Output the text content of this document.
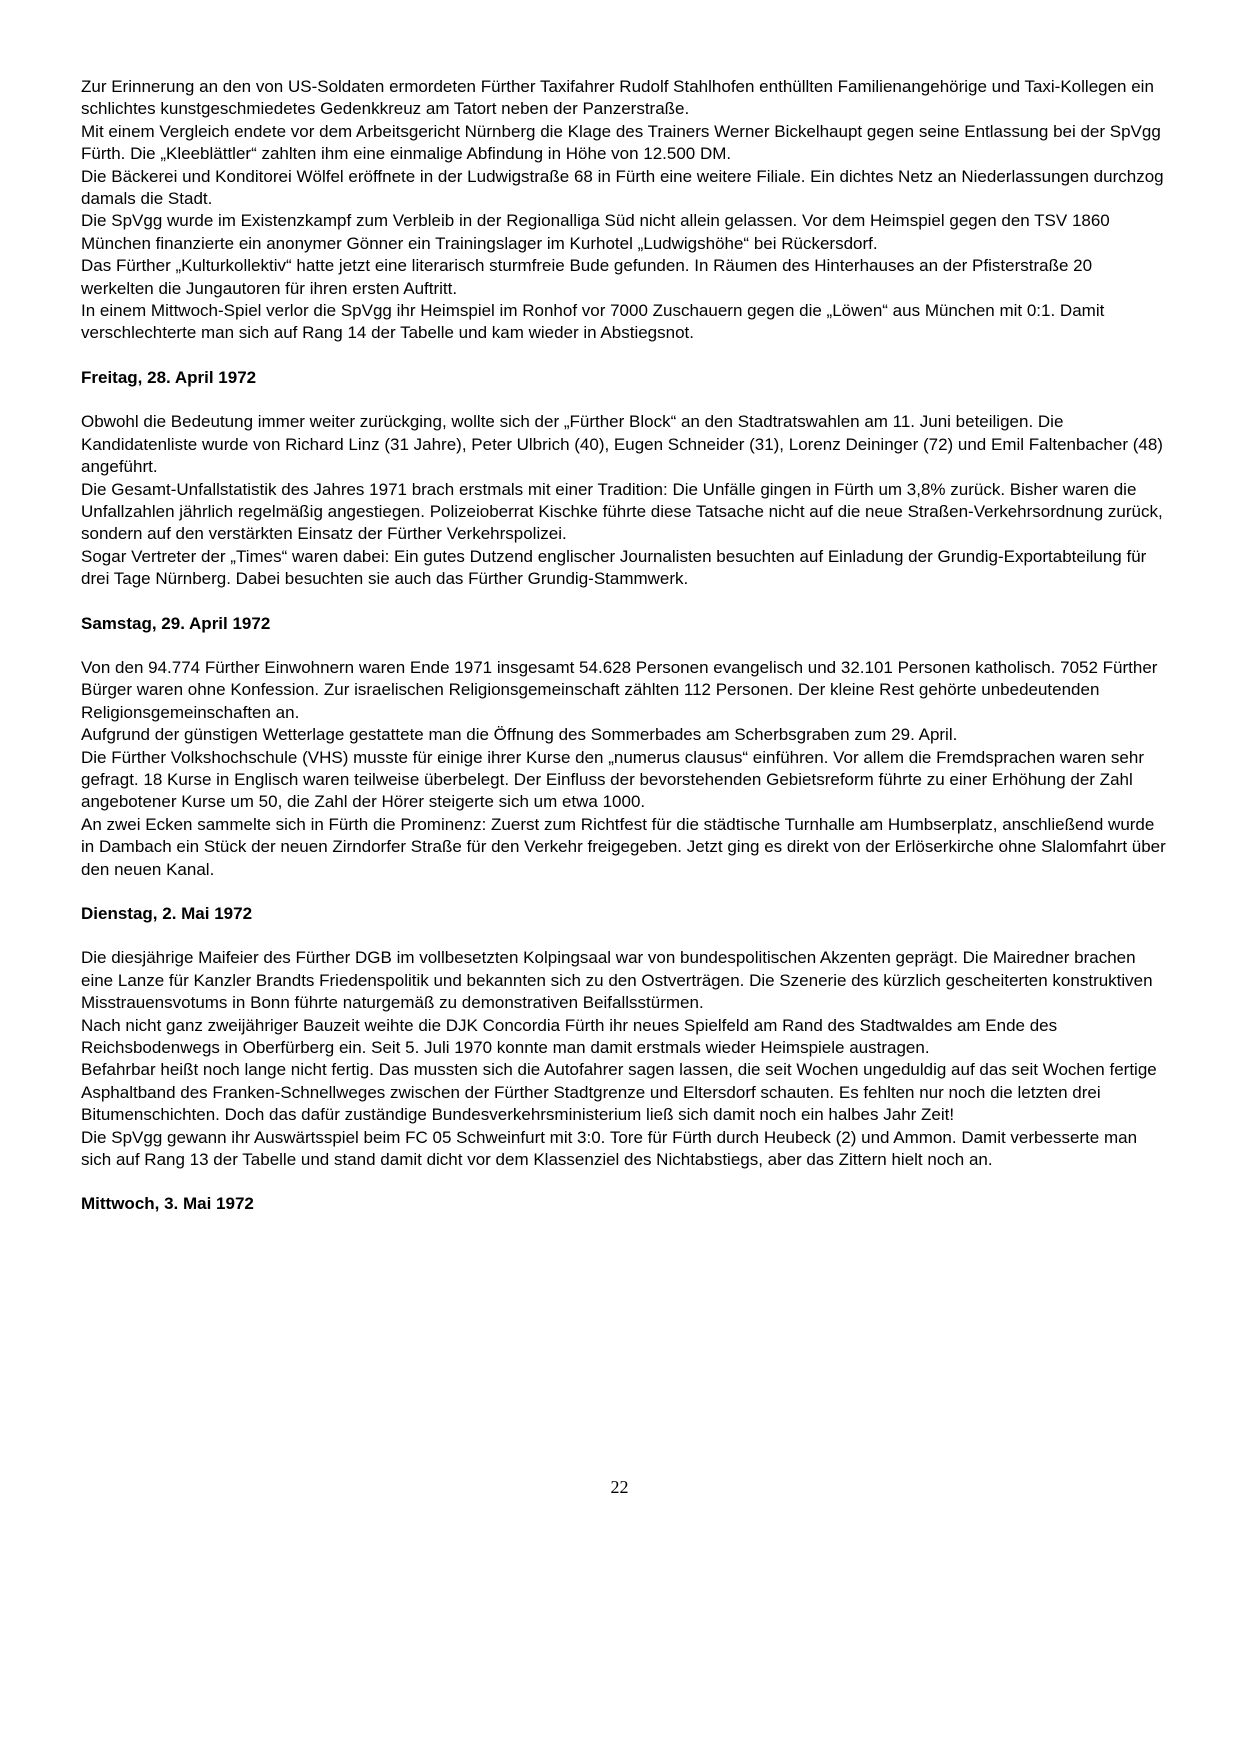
Zur Erinnerung an den von US-Soldaten ermordeten Fürther Taxifahrer Rudolf Stahlhofen enthüllten Familienangehörige und Taxi-Kollegen ein schlichtes kunstgeschmiedetes Gedenkkreuz am Tatort neben der Panzerstraße.

Mit einem Vergleich endete vor dem Arbeitsgericht Nürnberg die Klage des Trainers Werner Bickelhaupt gegen seine Entlassung bei der SpVgg Fürth. Die „Kleeblättler“ zahlten ihm eine einmalige Abfindung in Höhe von 12.500 DM.

Die Bäckerei und Konditorei Wölfel eröffnete in der Ludwigstraße 68 in Fürth eine weitere Filiale. Ein dichtes Netz an Niederlassungen durchzog damals die Stadt.

Die SpVgg wurde im Existenzkampf zum Verbleib in der Regionalliga Süd nicht allein gelassen. Vor dem Heimspiel gegen den TSV 1860 München finanzierte ein anonymer Gönner ein Trainingslager im Kurhotel „Ludwigshöhe“ bei Rückersdorf.

Das Fürther „Kulturkollektiv“ hatte jetzt eine literarisch sturmfreie Bude gefunden. In Räumen des Hinterhauses an der Pfisterstraße 20 werkelten die Jungautoren für ihren ersten Auftritt.

In einem Mittwoch-Spiel verlor die SpVgg ihr Heimspiel im Ronhof vor 7000 Zuschauern gegen die „Löwen“ aus München mit 0:1. Damit verschlechterte man sich auf Rang 14 der Tabelle und kam wieder in Abstiegsnot.

Freitag, 28. April 1972

Obwohl die Bedeutung immer weiter zurückging, wollte sich der „Fürther Block“ an den Stadtratswahlen am 11. Juni beteiligen. Die Kandidatenliste wurde von Richard Linz (31 Jahre), Peter Ulbrich (40), Eugen Schneider (31), Lorenz Deininger (72) und Emil Faltenbacher (48) angeführt.

Die Gesamt-Unfallstatistik des Jahres 1971 brach erstmals mit einer Tradition: Die Unfälle gingen in Fürth um 3,8% zurück. Bisher waren die Unfallzahlen jährlich regelmäßig angestiegen. Polizeioberrat Kischke führte diese Tatsache nicht auf die neue Straßen-Verkehrsordnung zurück, sondern auf den verstärkten Einsatz der Fürther Verkehrspolizei.

Sogar Vertreter der „Times“ waren dabei: Ein gutes Dutzend englischer Journalisten besuchten auf Einladung der Grundig-Exportabteilung für drei Tage Nürnberg. Dabei besuchten sie auch das Fürther Grundig-Stammwerk.

Samstag, 29. April 1972

Von den 94.774 Fürther Einwohnern waren Ende 1971 insgesamt 54.628 Personen evangelisch und 32.101 Personen katholisch. 7052 Fürther Bürger waren ohne Konfession. Zur israelischen Religionsgemeinschaft zählten 112 Personen. Der kleine Rest gehörte unbedeutenden Religionsgemeinschaften an.

Aufgrund der günstigen Wetterlage gestattete man die Öffnung des Sommerbades am Scherbsgraben zum 29. April.

Die Fürther Volkshochschule (VHS) musste für einige ihrer Kurse den „numerus clausus“ einführen. Vor allem die Fremdsprachen waren sehr gefragt. 18 Kurse in Englisch waren teilweise überbelegt. Der Einfluss der bevorstehenden Gebietsreform führte zu einer Erhöhung der Zahl angebotener Kurse um 50, die Zahl der Hörer steigerte sich um etwa 1000.

An zwei Ecken sammelte sich in Fürth die Prominenz: Zuerst zum Richtfest für die städtische Turnhalle am Humbserplatz, anschließend wurde in Dambach ein Stück der neuen Zirndorfer Straße für den Verkehr freigegeben. Jetzt ging es direkt von der Erlöserkirche ohne Slalomfahrt über den neuen Kanal.

Dienstag, 2. Mai 1972

Die diesjährige Maifeier des Fürther DGB im vollbesetzten Kolpingsaal war von bundespolitischen Akzenten geprägt. Die Mairedner brachen eine Lanze für Kanzler Brandts Friedenspolitik und bekannten sich zu den Ostverträgen. Die Szenerie des kürzlich gescheiterten konstruktiven Misstrauensvotums in Bonn führte naturgemäß zu demonstrativen Beifallsstürmen.

Nach nicht ganz zweijähriger Bauzeit weihte die DJK Concordia Fürth ihr neues Spielfeld am Rand des Stadtwaldes am Ende des Reichsbodenwegs in Oberfürberg ein. Seit 5. Juli 1970 konnte man damit erstmals wieder Heimspiele austragen.

Befahrbar heißt noch lange nicht fertig. Das mussten sich die Autofahrer sagen lassen, die seit Wochen ungeduldig auf das seit Wochen fertige Asphaltband des Franken-Schnellweges zwischen der Fürther Stadtgrenze und Eltersdorf schauten. Es fehlten nur noch die letzten drei Bitumenschichten. Doch das dafür zuständige Bundesverkehrsministerium ließ sich damit noch ein halbes Jahr Zeit!

Die SpVgg gewann ihr Auswärtsspiel beim FC 05 Schweinfurt mit 3:0. Tore für Fürth durch Heubeck (2) und Ammon. Damit verbesserte man sich auf Rang 13 der Tabelle und stand damit dicht vor dem Klassenziel des Nichtabstiegs, aber das Zittern hielt noch an.

Mittwoch, 3. Mai 1972
22
